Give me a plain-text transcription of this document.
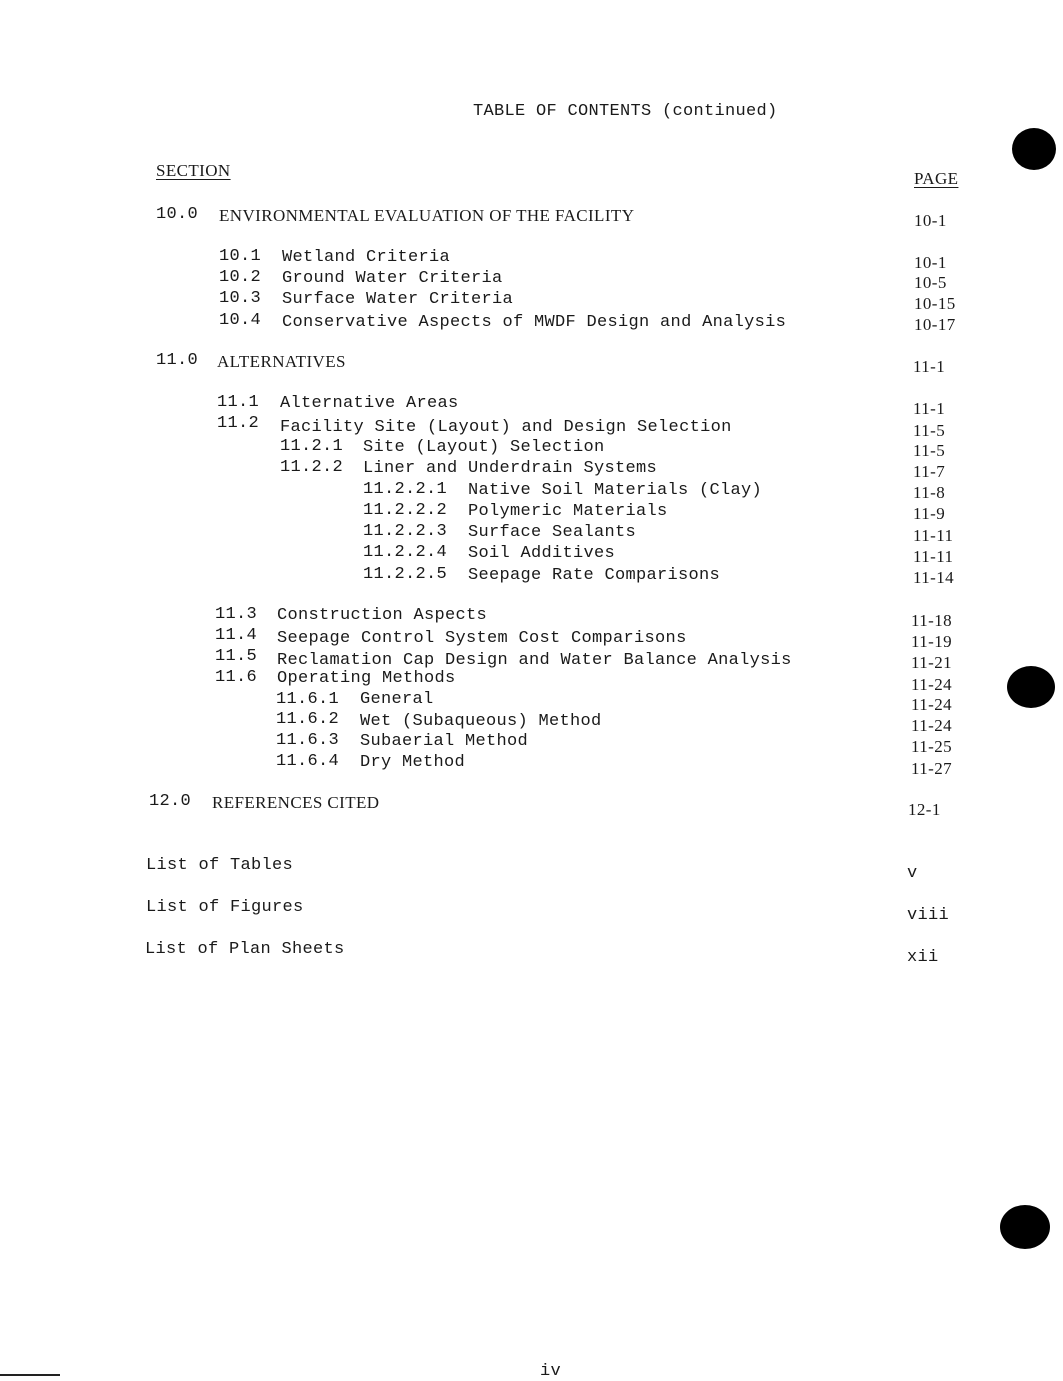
TABLE OF CONTENTS (continued)
SECTION	PAGE
10.0 ENVIRONMENTAL EVALUATION OF THE FACILITY	10-1
10.1 Wetland Criteria	10-1
10.2 Ground Water Criteria	10-5
10.3 Surface Water Criteria	10-15
10.4 Conservative Aspects of MWDF Design and Analysis	10-17
11.0 ALTERNATIVES	11-1
11.1 Alternative Areas	11-1
11.2 Facility Site (Layout) and Design Selection	11-5
11.2.1 Site (Layout) Selection	11-5
11.2.2 Liner and Underdrain Systems	11-7
11.2.2.1 Native Soil Materials (Clay)	11-8
11.2.2.2 Polymeric Materials	11-9
11.2.2.3 Surface Sealants	11-11
11.2.2.4 Soil Additives	11-11
11.2.2.5 Seepage Rate Comparisons	11-14
11.3 Construction Aspects	11-18
11.4 Seepage Control System Cost Comparisons	11-19
11.5 Reclamation Cap Design and Water Balance Analysis	11-21
11.6 Operating Methods	11-24
11.6.1 General	11-24
11.6.2 Wet (Subaqueous) Method	11-24
11.6.3 Subaerial Method	11-25
11.6.4 Dry Method	11-27
12.0 REFERENCES CITED	12-1
List of Tables	v
List of Figures	viii
List of Plan Sheets	xii
iv
